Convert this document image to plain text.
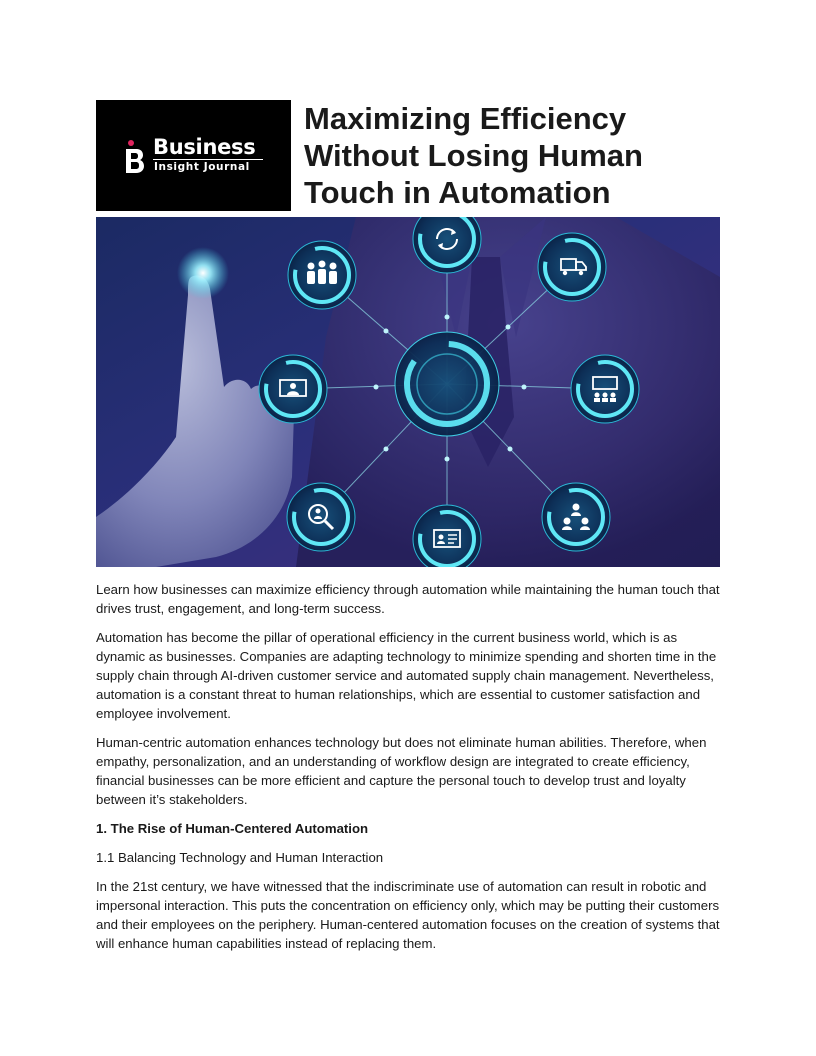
Business
Insight Journal
Maximizing Efficiency Without Losing Human Touch in Automation

Learn how businesses can maximize efficiency through automation while maintaining the human touch that drives trust, engagement, and long-term success.

Automation has become the pillar of operational efficiency in the current business world, which is as dynamic as businesses. Companies are adapting technology to minimize spending and shorten time in the supply chain through AI-driven customer service and automated supply chain management. Nevertheless, automation is a constant threat to human relationships, which are essential to customer satisfaction and employee involvement.

Human-centric automation enhances technology but does not eliminate human abilities. Therefore, when empathy, personalization, and an understanding of workflow design are integrated to create efficiency, financial businesses can be more efficient and capture the personal touch to develop trust and loyalty between it’s stakeholders.

1. The Rise of Human-Centered Automation

1.1 Balancing Technology and Human Interaction

In the 21st century, we have witnessed that the indiscriminate use of automation can result in robotic and impersonal interaction. This puts the concentration on efficiency only, which may be putting their customers and their employees on the periphery. Human-centered automation focuses on the creation of systems that will enhance human capabilities instead of replacing them.
